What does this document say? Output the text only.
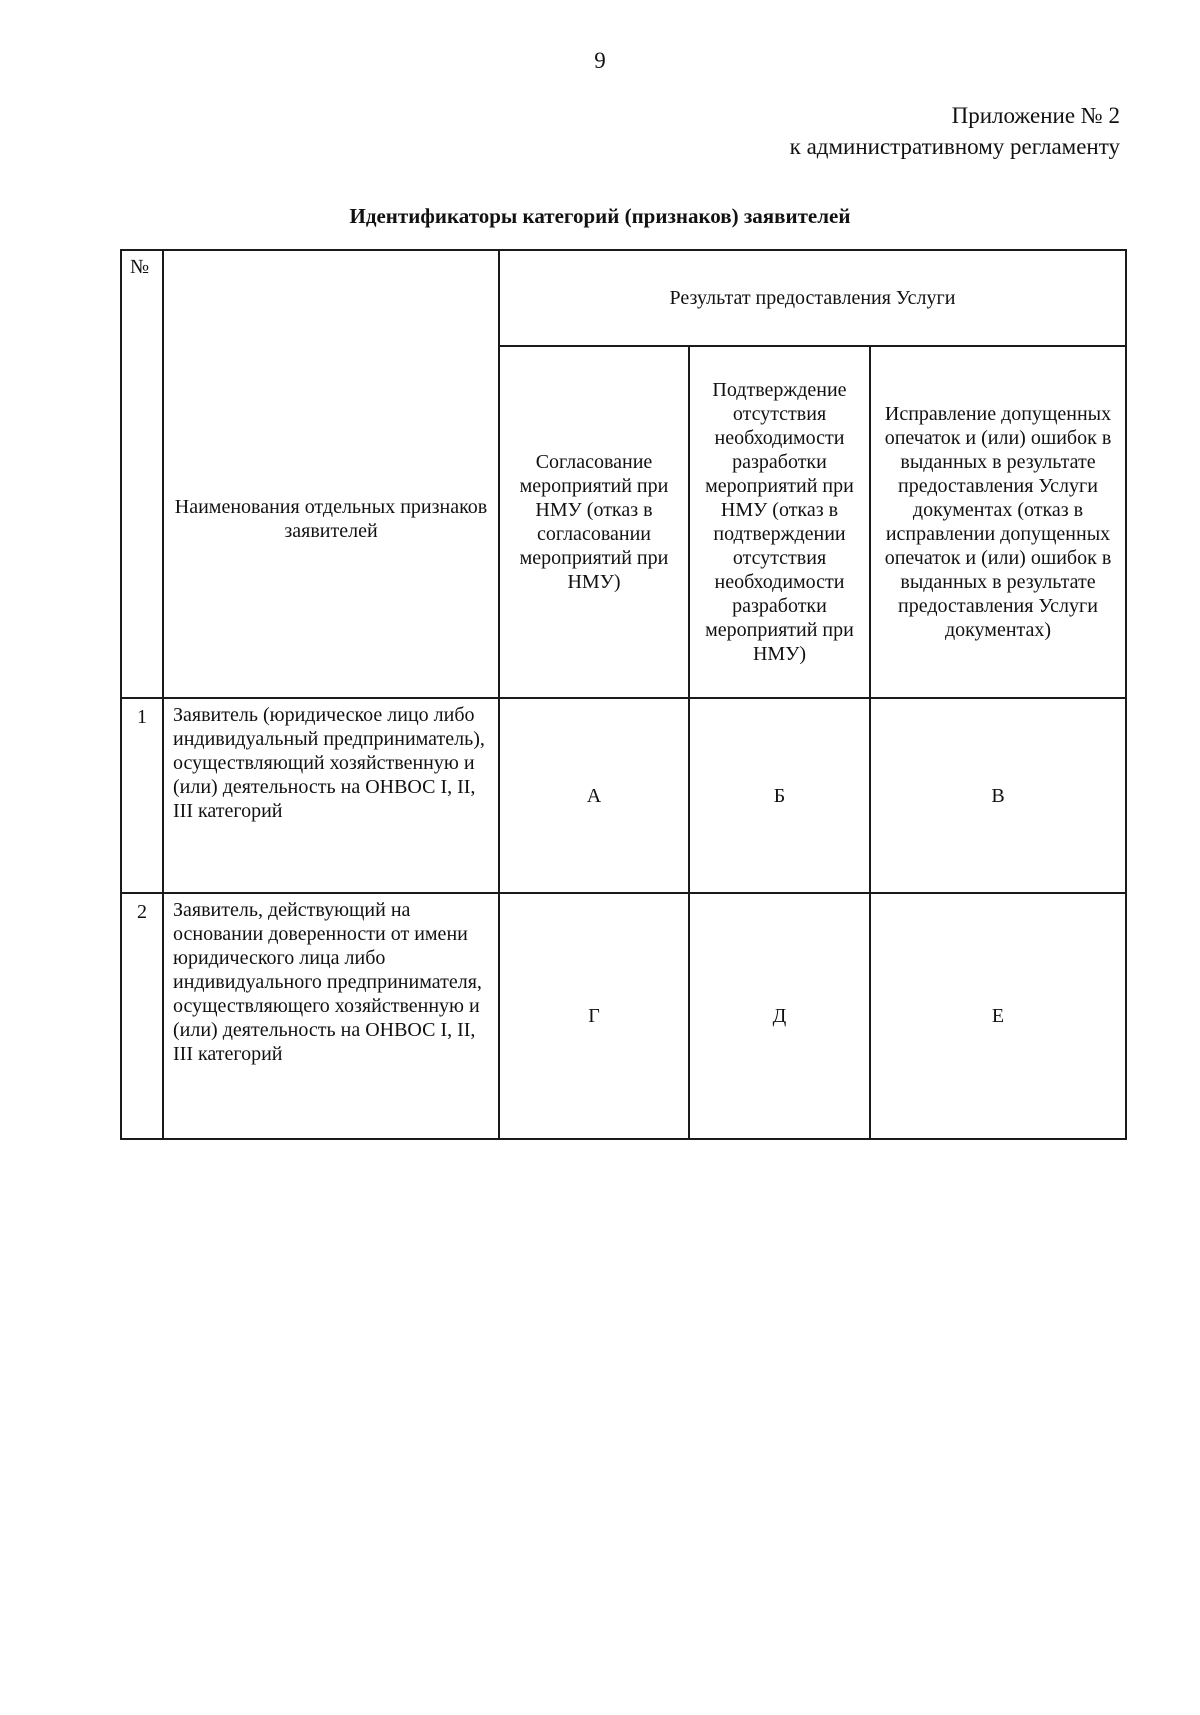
9
Приложение № 2
к административному регламенту
Идентификаторы категорий (признаков) заявителей
№	Наименования отдельных признаков заявителей	Результат предоставления Услуги		
		Согласование мероприятий при НМУ (отказ в согласовании мероприятий при НМУ)	Подтверждение отсутствия необходимости разработки мероприятий при НМУ (отказ в подтверждении отсутствия необходимости разработки мероприятий при НМУ)	Исправление допущенных опечаток и (или) ошибок в выданных в результате предоставления Услуги документах (отказ в исправлении допущенных опечаток и (или) ошибок в выданных в результате предоставления Услуги документах)
1	Заявитель (юридическое лицо либо индивидуальный предприниматель), осуществляющий хозяйственную и (или) деятельность на ОНВОС I, II, III категорий	А	Б	В
2	Заявитель, действующий на основании доверенности от имени юридического лица либо индивидуального предпринимателя, осуществляющего хозяйственную и (или) деятельность на ОНВОС I, II, III категорий	Г	Д	Е
